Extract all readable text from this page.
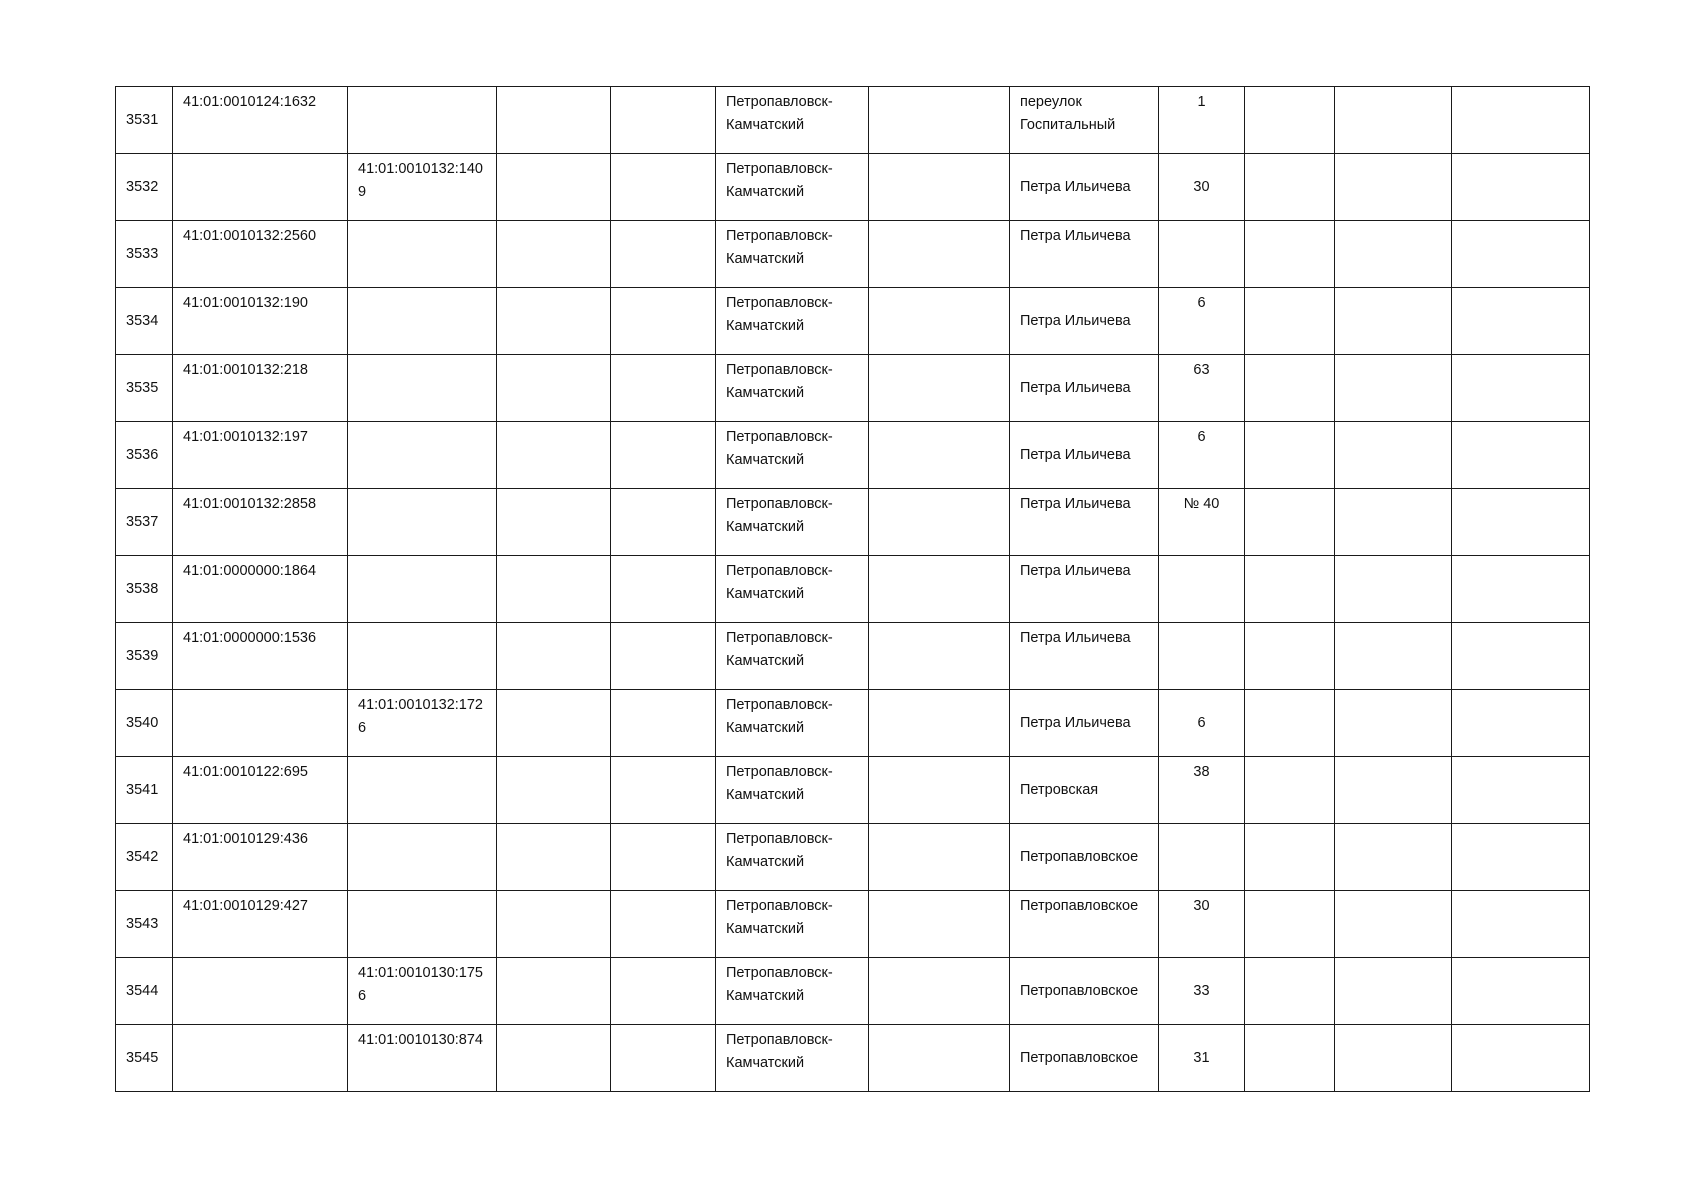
3531	41:01:0010124:1632				Петропавловск-Камчатский		переулок Госпитальный	1			

3532		41:01:0010132:1409			Петропавловск-Камчатский		Петра Ильичева	30			

3533	41:01:0010132:2560				Петропавловск-Камчатский		Петра Ильичева				

3534	41:01:0010132:190				Петропавловск-Камчатский		Петра Ильичева	6			

3535	41:01:0010132:218				Петропавловск-Камчатский		Петра Ильичева	63			

3536	41:01:0010132:197				Петропавловск-Камчатский		Петра Ильичева	6			

3537	41:01:0010132:2858				Петропавловск-Камчатский		Петра Ильичева	№ 40			

3538	41:01:0000000:1864				Петропавловск-Камчатский		Петра Ильичева				

3539	41:01:0000000:1536				Петропавловск-Камчатский		Петра Ильичева				

3540		41:01:0010132:1726			Петропавловск-Камчатский		Петра Ильичева	6			

3541	41:01:0010122:695				Петропавловск-Камчатский		Петровская	38			

3542	41:01:0010129:436				Петропавловск-Камчатский		Петропавловское				

3543	41:01:0010129:427				Петропавловск-Камчатский		Петропавловское	30			

3544		41:01:0010130:1756			Петропавловск-Камчатский		Петропавловское	33			

3545		41:01:0010130:874			Петропавловск-Камчатский		Петропавловское	31			
